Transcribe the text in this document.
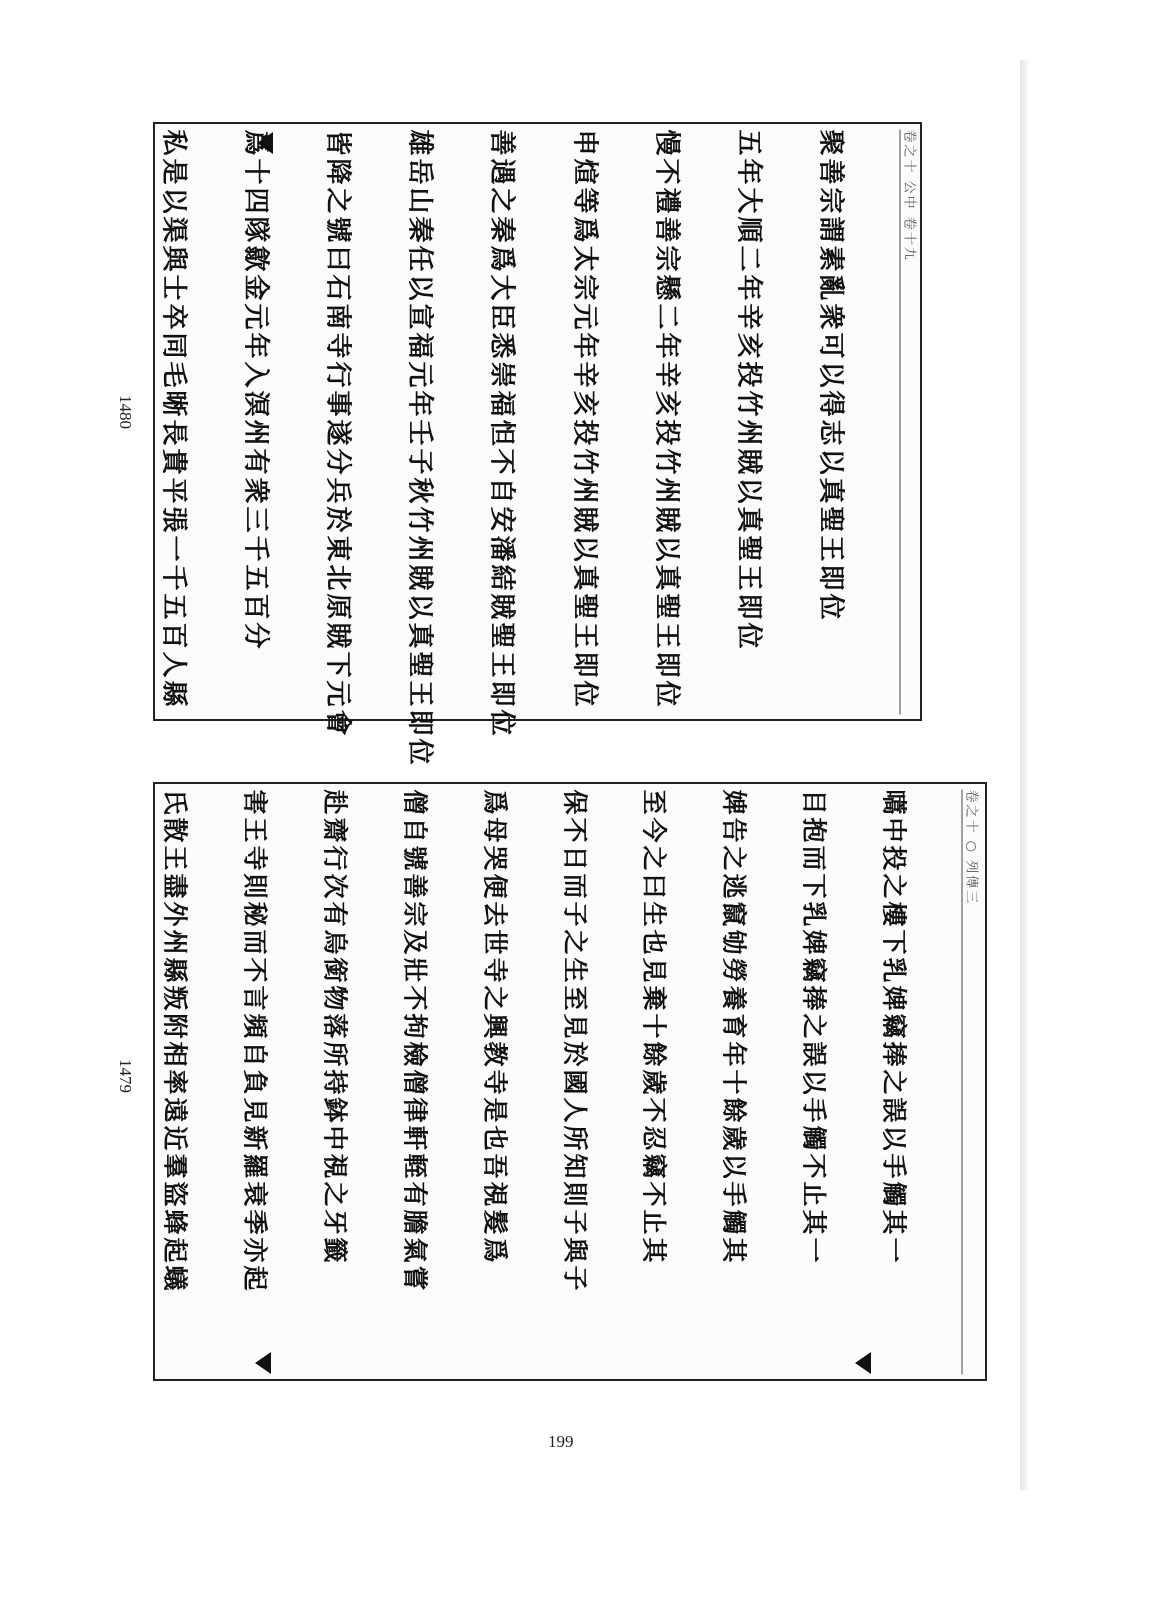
卷之十 公中 卷十九
聚善宗謂素亂衆可以得志以真聖王即位
五年大順二年辛亥投竹州賊以真聖王即位
慢不禮善宗懸二年辛亥投竹州賊以真聖王即位
申煊等爲太宗元年辛亥投竹州賊以真聖王即位
善遇之秦爲大臣悉崇福怛不自安潘結賊聖王即位
雄岳山秦任以宣福元年壬子秋竹州賊以真聖王即位
皆降之號曰石南寺行事遂分兵於東北原賊下元會
爲十四隊歙金元年入溟州有衆三千五百分
私是以渠與士卒同毛晰長貴平張一千五百人縣
1480
卷之十 ○ 列傳三
嚆中投之樓下乳婢竊捧之誤以手觸其一
目抱而下乳婢竊捧之誤以手觸不止其一
婢告之逃竄劬勞養育年十餘歲以手觸其
至今之曰生也見棄十餘歲不忍竊不止其
保不日而子之生至見於國人所知則子與子
爲母哭便去世寺之興教寺是也吾視髮爲
僧自號善宗及壯不拘檢僧律軒輊有膽氣嘗
赴齋行次有烏銜物落所持鉢中視之牙籤
害王寺則秘而不言頻自負見新羅衰季亦起
氏散王盡外州縣叛附相率遠近羣盜蜂起蟻
1479
199
